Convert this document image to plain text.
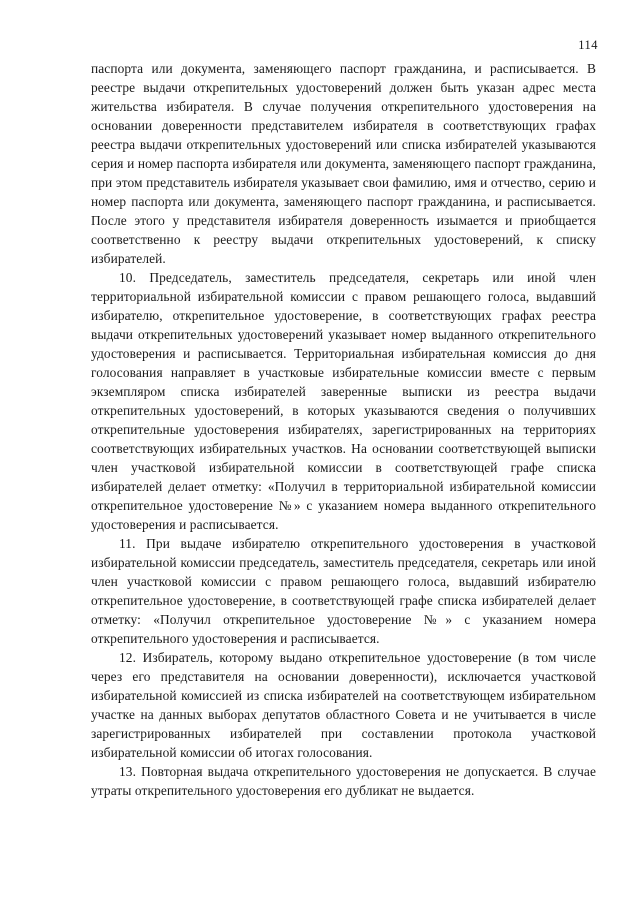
114

паспорта или документа, заменяющего паспорт гражданина, и расписывается. В реестре выдачи открепительных удостоверений должен быть указан адрес места жительства избирателя. В случае получения открепительного удостоверения на основании доверенности представителем избирателя в соответствующих графах реестра выдачи открепительных удостоверений или списка избирателей указываются серия и номер паспорта избирателя или документа, заменяющего паспорт гражданина, при этом представитель избирателя указывает свои фамилию, имя и отчество, серию и номер паспорта или документа, заменяющего паспорт гражданина, и расписывается. После этого у представителя избирателя доверенность изымается и приобщается соответственно к реестру выдачи открепительных удостоверений, к списку избирателей.

10. Председатель, заместитель председателя, секретарь или иной член территориальной избирательной комиссии с правом решающего голоса, выдавший избирателю, открепительное удостоверение, в соответствующих графах реестра выдачи открепительных удостоверений указывает номер выданного открепительного удостоверения и расписывается. Территориальная избирательная комиссия до дня голосования направляет в участковые избирательные комиссии вместе с первым экземпляром списка избирателей заверенные выписки из реестра выдачи открепительных удостоверений, в которых указываются сведения о получивших открепительные удостоверения избирателях, зарегистрированных на территориях соответствующих избирательных участков. На основании соответствующей выписки член участковой избирательной комиссии в соответствующей графе списка избирателей делает отметку: «Получил в территориальной избирательной комиссии открепительное удостоверение №» с указанием номера выданного открепительного удостоверения и расписывается.

11. При выдаче избирателю открепительного удостоверения в участковой избирательной комиссии председатель, заместитель председателя, секретарь или иной член участковой комиссии с правом решающего голоса, выдавший избирателю открепительное удостоверение, в соответствующей графе списка избирателей делает отметку: «Получил открепительное удостоверение №» с указанием номера открепительного удостоверения и расписывается.

12. Избиратель, которому выдано открепительное удостоверение (в том числе через его представителя на основании доверенности), исключается участковой избирательной комиссией из списка избирателей на соответствующем избирательном участке на данных выборах депутатов областного Совета и не учитывается в числе зарегистрированных избирателей при составлении протокола участковой избирательной комиссии об итогах голосования.

13. Повторная выдача открепительного удостоверения не допускается. В случае утраты открепительного удостоверения его дубликат не выдается.
